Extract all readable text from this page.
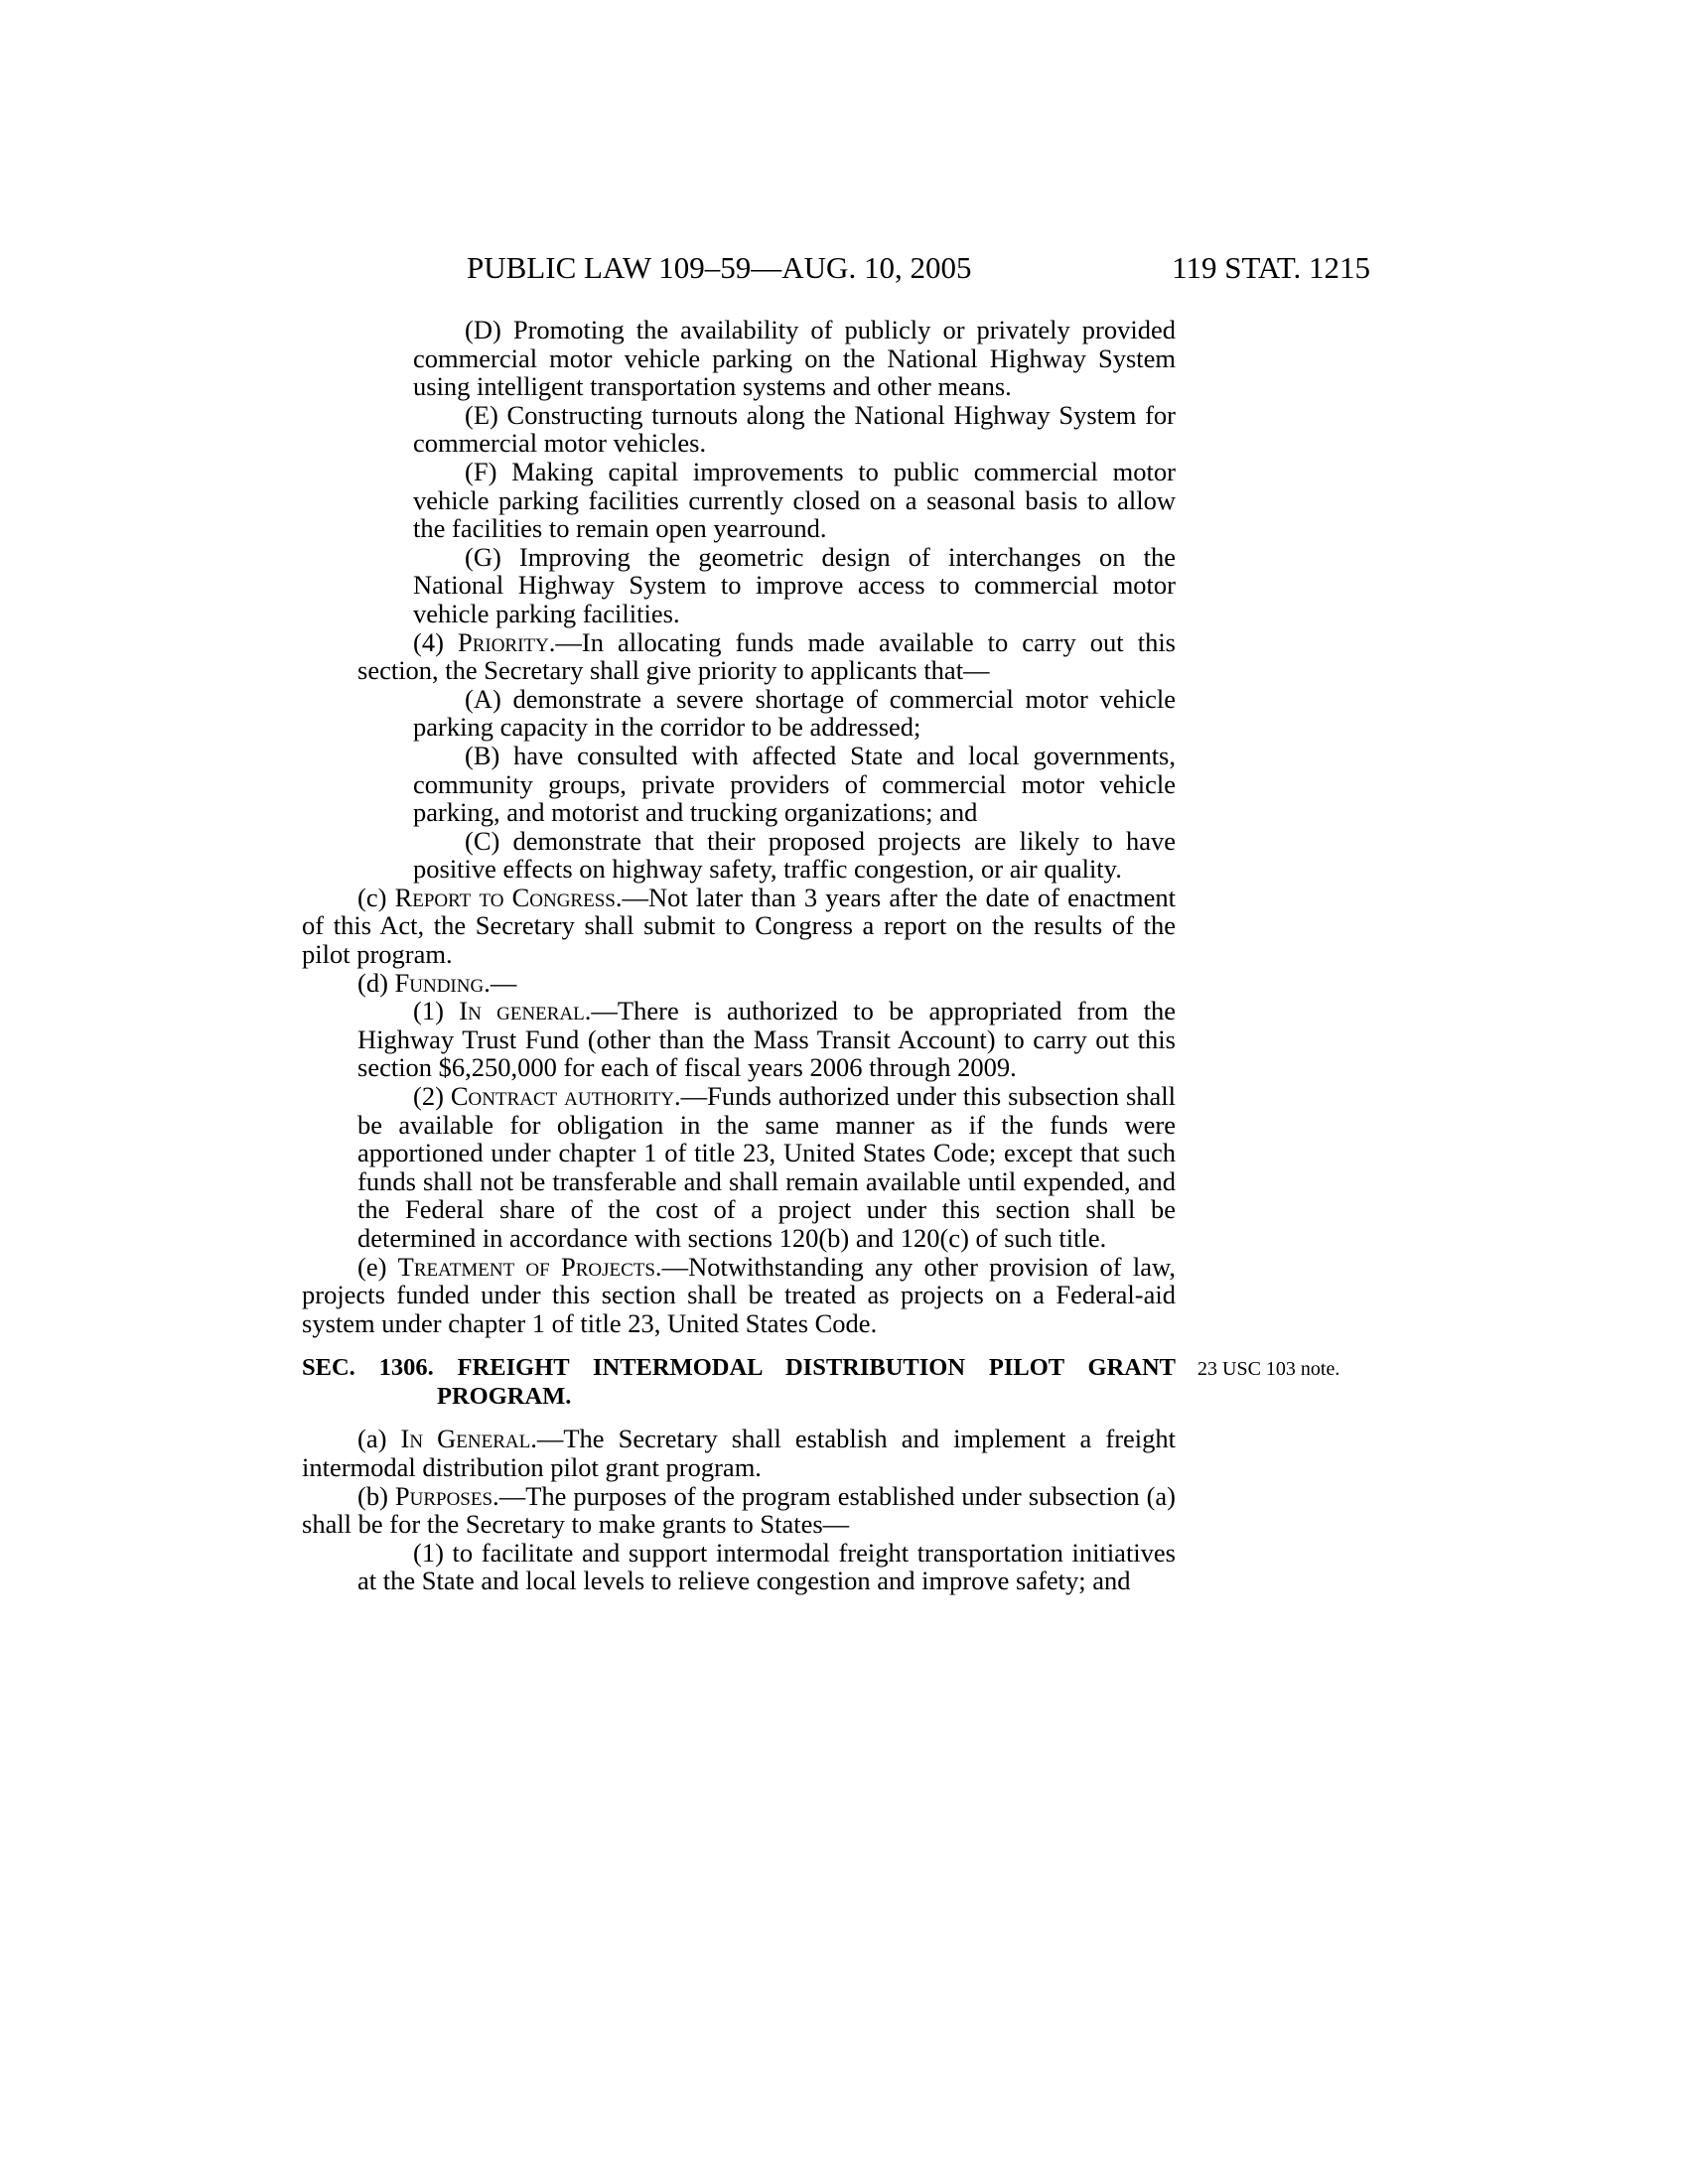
PUBLIC LAW 109–59—AUG. 10, 2005	119 STAT. 1215

(D) Promoting the availability of publicly or privately provided commercial motor vehicle parking on the National Highway System using intelligent transportation systems and other means.

(E) Constructing turnouts along the National Highway System for commercial motor vehicles.

(F) Making capital improvements to public commercial motor vehicle parking facilities currently closed on a seasonal basis to allow the facilities to remain open yearround.

(G) Improving the geometric design of interchanges on the National Highway System to improve access to commercial motor vehicle parking facilities.

(4) Priority.—In allocating funds made available to carry out this section, the Secretary shall give priority to applicants that—

(A) demonstrate a severe shortage of commercial motor vehicle parking capacity in the corridor to be addressed;

(B) have consulted with affected State and local governments, community groups, private providers of commercial motor vehicle parking, and motorist and trucking organizations; and

(C) demonstrate that their proposed projects are likely to have positive effects on highway safety, traffic congestion, or air quality.

(c) Report to Congress.—Not later than 3 years after the date of enactment of this Act, the Secretary shall submit to Congress a report on the results of the pilot program.

(d) Funding.—

(1) In general.—There is authorized to be appropriated from the Highway Trust Fund (other than the Mass Transit Account) to carry out this section $6,250,000 for each of fiscal years 2006 through 2009.

(2) Contract authority.—Funds authorized under this subsection shall be available for obligation in the same manner as if the funds were apportioned under chapter 1 of title 23, United States Code; except that such funds shall not be transferable and shall remain available until expended, and the Federal share of the cost of a project under this section shall be determined in accordance with sections 120(b) and 120(c) of such title.

(e) Treatment of Projects.—Notwithstanding any other provision of law, projects funded under this section shall be treated as projects on a Federal-aid system under chapter 1 of title 23, United States Code.

SEC. 1306. FREIGHT INTERMODAL DISTRIBUTION PILOT GRANT PROGRAM.

23 USC 103 note.

(a) In General.—The Secretary shall establish and implement a freight intermodal distribution pilot grant program.

(b) Purposes.—The purposes of the program established under subsection (a) shall be for the Secretary to make grants to States—

(1) to facilitate and support intermodal freight transportation initiatives at the State and local levels to relieve congestion and improve safety; and
